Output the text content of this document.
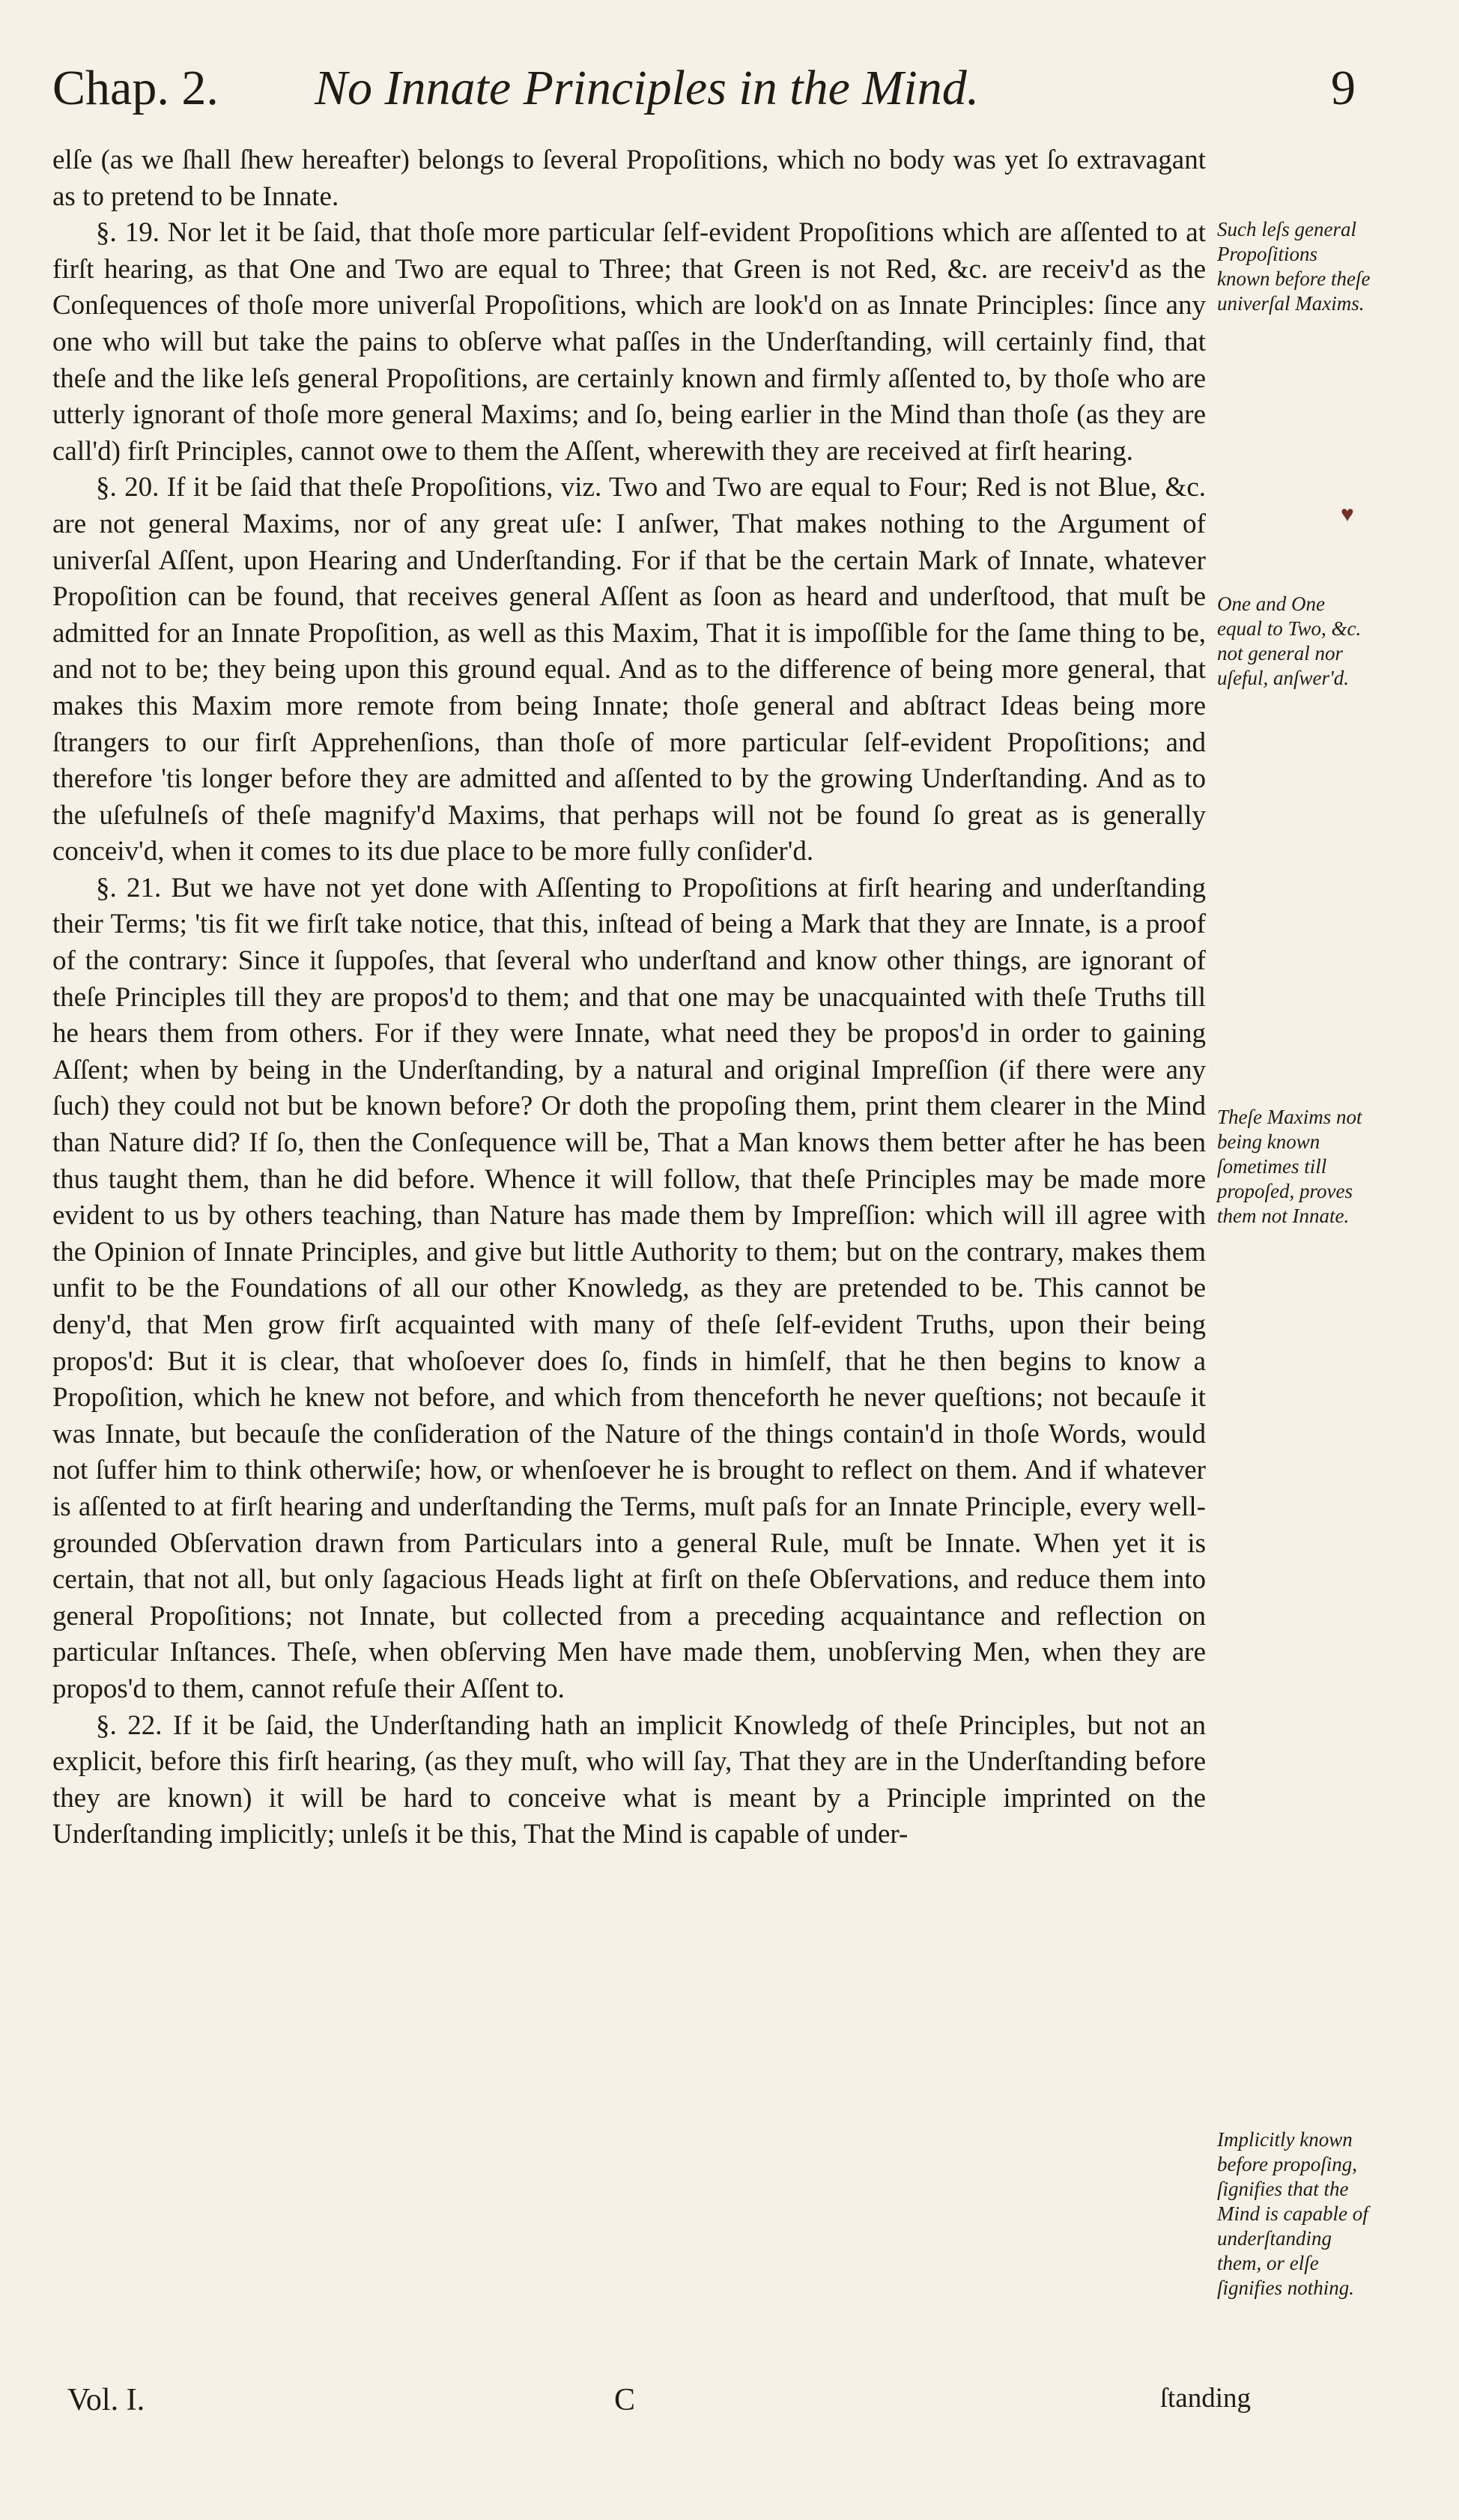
Chap. 2. No Innate Principles in the Mind.	9

elſe (as we ſhall ſhew hereafter) belongs to ſeveral Propoſitions, which no body was yet ſo extravagant as to pretend to be Innate.

§. 19. Nor let it be ſaid, that thoſe more particular ſelf-evident Propoſitions which are aſſented to at firſt hearing, as that One and Two are equal to Three; that Green is not Red, &c. are receiv'd as the Conſequences of thoſe more univerſal Propoſitions, which are look'd on as Innate Principles: ſince any one who will but take the pains to obſerve what paſſes in the Underſtanding, will certainly find, that theſe and the like leſs general Propoſitions, are certainly known and firmly aſſented to, by thoſe who are utterly ignorant of thoſe more general Maxims; and ſo, being earlier in the Mind than thoſe (as they are call'd) firſt Principles, cannot owe to them the Aſſent, wherewith they are received at firſt hearing.

§. 20. If it be ſaid that theſe Propoſitions, viz. Two and Two are equal to Four; Red is not Blue, &c. are not general Maxims, nor of any great uſe: I anſwer, That makes nothing to the Argument of univerſal Aſſent, upon Hearing and Underſtanding. For if that be the certain Mark of Innate, whatever Propoſition can be found, that receives general Aſſent as ſoon as heard and underſtood, that muſt be admitted for an Innate Propoſition, as well as this Maxim, That it is impoſſible for the ſame thing to be, and not to be; they being upon this ground equal. And as to the difference of being more general, that makes this Maxim more remote from being Innate; thoſe general and abſtract Ideas being more ſtrangers to our firſt Apprehenſions, than thoſe of more particular ſelf-evident Propoſitions; and therefore 'tis longer before they are admitted and aſſented to by the growing Underſtanding. And as to the uſefulneſs of theſe magnify'd Maxims, that perhaps will not be found ſo great as is generally conceiv'd, when it comes to its due place to be more fully conſider'd.

§. 21. But we have not yet done with Aſſenting to Propoſitions at firſt hearing and underſtanding their Terms; 'tis fit we firſt take notice, that this, inſtead of being a Mark that they are Innate, is a proof of the contrary: Since it ſuppoſes, that ſeveral who underſtand and know other things, are ignorant of theſe Principles till they are propos'd to them; and that one may be unacquainted with theſe Truths till he hears them from others. For if they were Innate, what need they be propos'd in order to gaining Aſſent; when by being in the Underſtanding, by a natural and original Impreſſion (if there were any ſuch) they could not but be known before? Or doth the propoſing them, print them clearer in the Mind than Nature did? If ſo, then the Conſequence will be, That a Man knows them better after he has been thus taught them, than he did before. Whence it will follow, that theſe Principles may be made more evident to us by others teaching, than Nature has made them by Impreſſion: which will ill agree with the Opinion of Innate Principles, and give but little Authority to them; but on the contrary, makes them unfit to be the Foundations of all our other Knowledg, as they are pretended to be. This cannot be deny'd, that Men grow firſt acquainted with many of theſe ſelf-evident Truths, upon their being propos'd: But it is clear, that whoſoever does ſo, finds in himſelf, that he then begins to know a Propoſition, which he knew not before, and which from thenceforth he never queſtions; not becauſe it was Innate, but becauſe the conſideration of the Nature of the things contain'd in thoſe Words, would not ſuffer him to think otherwiſe; how, or whenſoever he is brought to reflect on them. And if whatever is aſſented to at firſt hearing and underſtanding the Terms, muſt paſs for an Innate Principle, every well-grounded Obſervation drawn from Particulars into a general Rule, muſt be Innate. When yet it is certain, that not all, but only ſagacious Heads light at firſt on theſe Obſervations, and reduce them into general Propoſitions; not Innate, but collected from a preceding acquaintance and reflection on particular Inſtances. Theſe, when obſerving Men have made them, unobſerving Men, when they are propos'd to them, cannot refuſe their Aſſent to.

§. 22. If it be ſaid, the Underſtanding hath an implicit Knowledg of theſe Principles, but not an explicit, before this firſt hearing, (as they muſt, who will ſay, That they are in the Underſtanding before they are known) it will be hard to conceive what is meant by a Principle imprinted on the Underſtanding implicitly; unleſs it be this, That the Mind is capable of under-

Such leſs general Propoſitions known before theſe univerſal Maxims.
One and One equal to Two, &c. not general nor uſeful, anſwer'd.
Theſe Maxims not being known ſometimes till propoſed, proves them not Innate.
Implicitly known before propoſing, ſignifies that the Mind is capable of underſtanding them, or elſe ſignifies nothing.
♥
Vol. I.	C	ſtanding
